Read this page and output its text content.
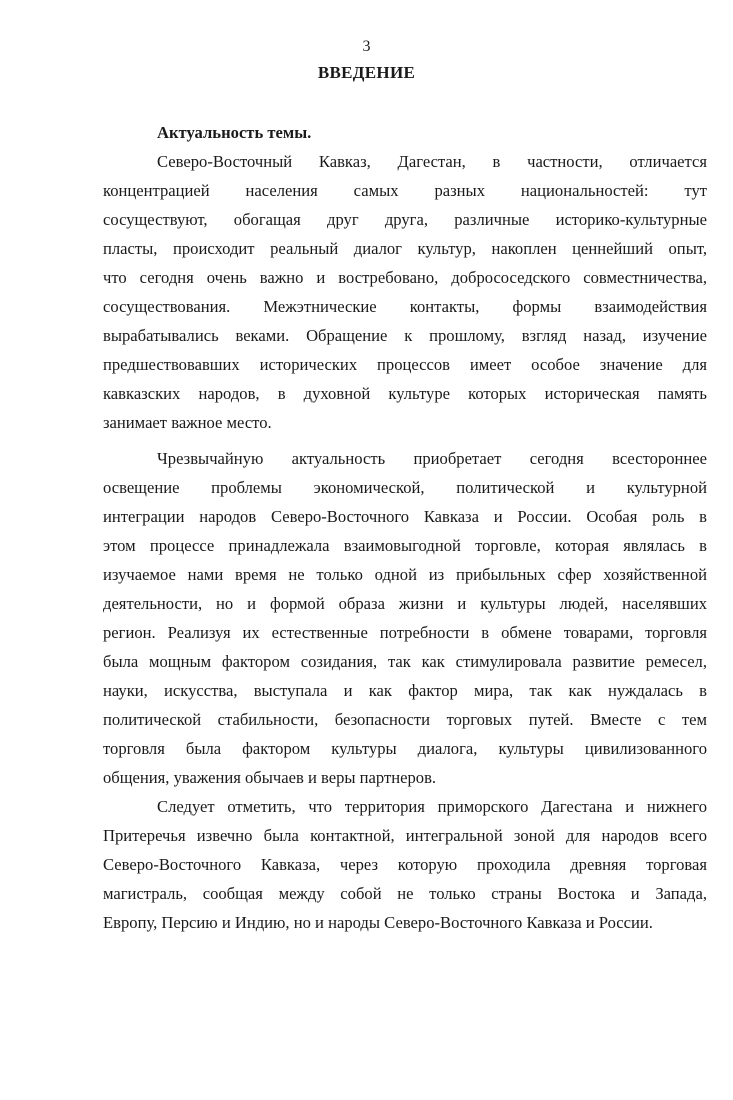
3
ВВЕДЕНИЕ
Актуальность темы.
Северо-Восточный Кавказ, Дагестан, в частности, отличается
концентрацией населения самых разных национальностей: тут
сосуществуют, обогащая друг друга, различные историко-культурные
пласты, происходит реальный диалог культур, накоплен ценнейший опыт,
что сегодня очень важно и востребовано, добрососедского совместничества,
сосуществования. Межэтнические контакты, формы взаимодействия
вырабатывались веками. Обращение к прошлому, взгляд назад, изучение
предшествовавших исторических процессов имеет особое значение для
кавказских народов, в духовной культуре которых историческая память
занимает важное место.
Чрезвычайную актуальность приобретает сегодня всестороннее
освещение проблемы экономической, политической и культурной
интеграции народов Северо-Восточного Кавказа и России. Особая роль в
этом процессе принадлежала взаимовыгодной торговле, которая являлась в
изучаемое нами время не только одной из прибыльных сфер хозяйственной
деятельности, но и формой образа жизни и культуры людей, населявших
регион. Реализуя их естественные потребности в обмене товарами, торговля
была мощным фактором созидания, так как стимулировала развитие ремесел,
науки, искусства, выступала и как фактор мира, так как нуждалась в
политической стабильности, безопасности торговых путей. Вместе с тем
торговля была фактором культуры диалога, культуры цивилизованного
общения, уважения обычаев и веры партнеров.
Следует отметить, что территория приморского Дагестана и нижнего
Притеречья извечно была контактной, интегральной зоной для народов всего
Северо-Восточного Кавказа, через которую проходила древняя торговая
магистраль, сообщая между собой не только страны Востока и Запада,
Европу, Персию и Индию, но и народы Северо-Восточного Кавказа и России.
